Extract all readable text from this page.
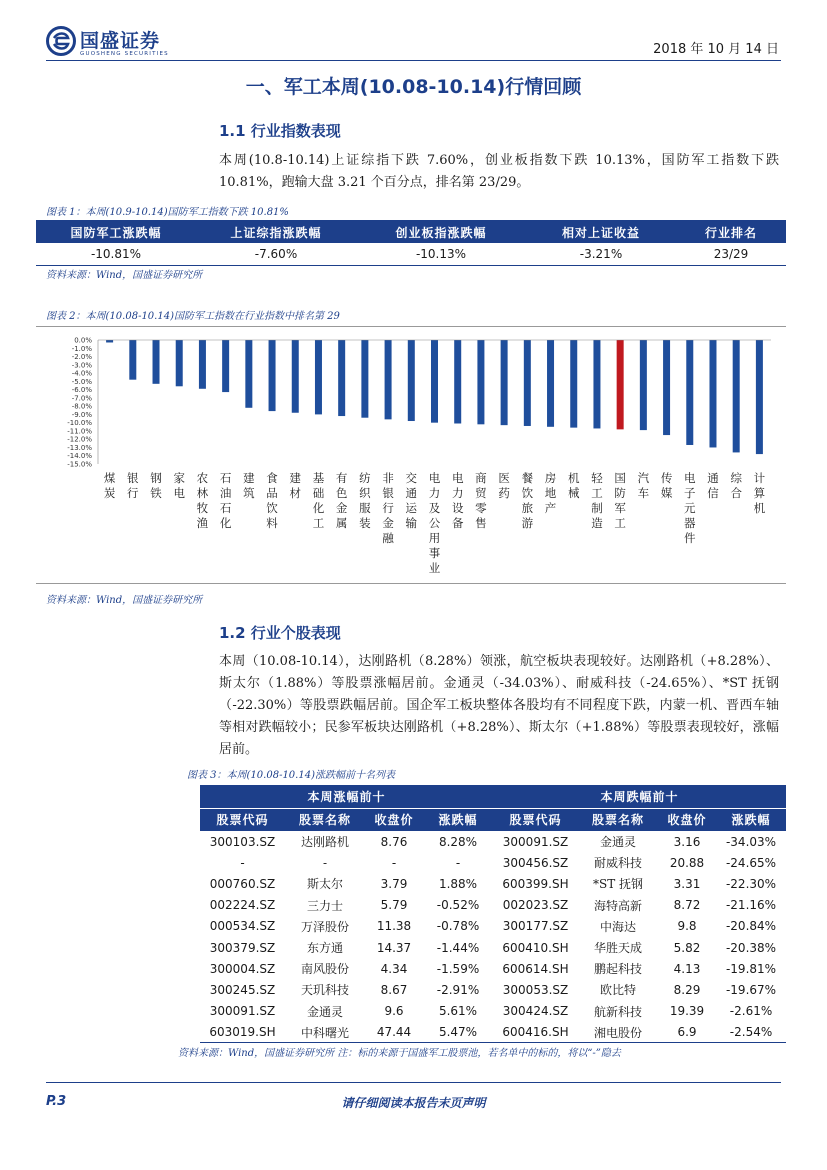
国盛证券
GUOSHENG SECURITIES	2018 年 10 月 14 日
一、军工本周(10.08-10.14)行情回顾
1.1 行业指数表现

本周(10.8-10.14)上证综指下跌 7.60%，创业板指数下跌 10.13%，国防军工指数下跌10.81%，跑输大盘 3.21 个百分点，排名第 23/29。

图表 1：本周(10.9-10.14)国防军工指数下跌 10.81%
国防军工涨跌幅	上证综指涨跌幅	创业板指涨跌幅	相对上证收益	行业排名
-10.81%	-7.60%	-10.13%	-3.21%	23/29
资料来源：Wind，国盛证券研究所
图表 2：本周(10.08-10.14)国防军工指数在行业指数中排名第 29
0.0%
-1.0%
-2.0%
-3.0%
-4.0%
-5.0%
-6.0%
-7.0%
-8.0%
-9.0%
-10.0%
-11.0%
-12.0%
-13.0%
-14.0%
-15.0%
煤炭
银行
钢铁
家电
农林牧渔
石油石化
建筑
食品饮料
建材
基础化工
有色金属
纺织服装
非银行金融
交通运输
电力及公用事业
电力设备
商贸零售
医药
餐饮旅游
房地产
机械
轻工制造
国防军工
汽车
传媒
电子元器件
通信
综合
计算机
资料来源：Wind，国盛证券研究所
1.2 行业个股表现

本周（10.08-10.14），达刚路机（8.28%）领涨，航空板块表现较好。达刚路机（+8.28%）、斯太尔（1.88%）等股票涨幅居前。金通灵（-34.03%）、耐威科技（-24.65%）、*ST 抚钢（-22.30%）等股票跌幅居前。国企军工板块整体各股均有不同程度下跌，内蒙一机、晋西车轴等相对跌幅较小；民参军板块达刚路机（+8.28%）、斯太尔（+1.88%）等股票表现较好，涨幅居前。

图表 3：本周(10.08-10.14)涨跌幅前十名列表
本周涨幅前十				本周跌幅前十			
股票代码	股票名称	收盘价	涨跌幅	股票代码	股票名称	收盘价	涨跌幅
300103.SZ	达刚路机	8.76	8.28%	300091.SZ	金通灵	3.16	-34.03%
-	-	-	-	300456.SZ	耐威科技	20.88	-24.65%
000760.SZ	斯太尔	3.79	1.88%	600399.SH	*ST 抚钢	3.31	-22.30%
002224.SZ	三力士	5.79	-0.52%	002023.SZ	海特高新	8.72	-21.16%
000534.SZ	万泽股份	11.38	-0.78%	300177.SZ	中海达	9.8	-20.84%
300379.SZ	东方通	14.37	-1.44%	600410.SH	华胜天成	5.82	-20.38%
300004.SZ	南风股份	4.34	-1.59%	600614.SH	鹏起科技	4.13	-19.81%
300245.SZ	天玑科技	8.67	-2.91%	300053.SZ	欧比特	8.29	-19.67%
300091.SZ	金通灵	9.6	5.61%	300424.SZ	航新科技	19.39	-2.61%
603019.SH	中科曙光	47.44	5.47%	600416.SH	湘电股份	6.9	-2.54%
资料来源：Wind，国盛证券研究所 注：标的来源于国盛军工股票池，若名单中的标的，将以“-”隐去
P.3	请仔细阅读本报告末页声明
